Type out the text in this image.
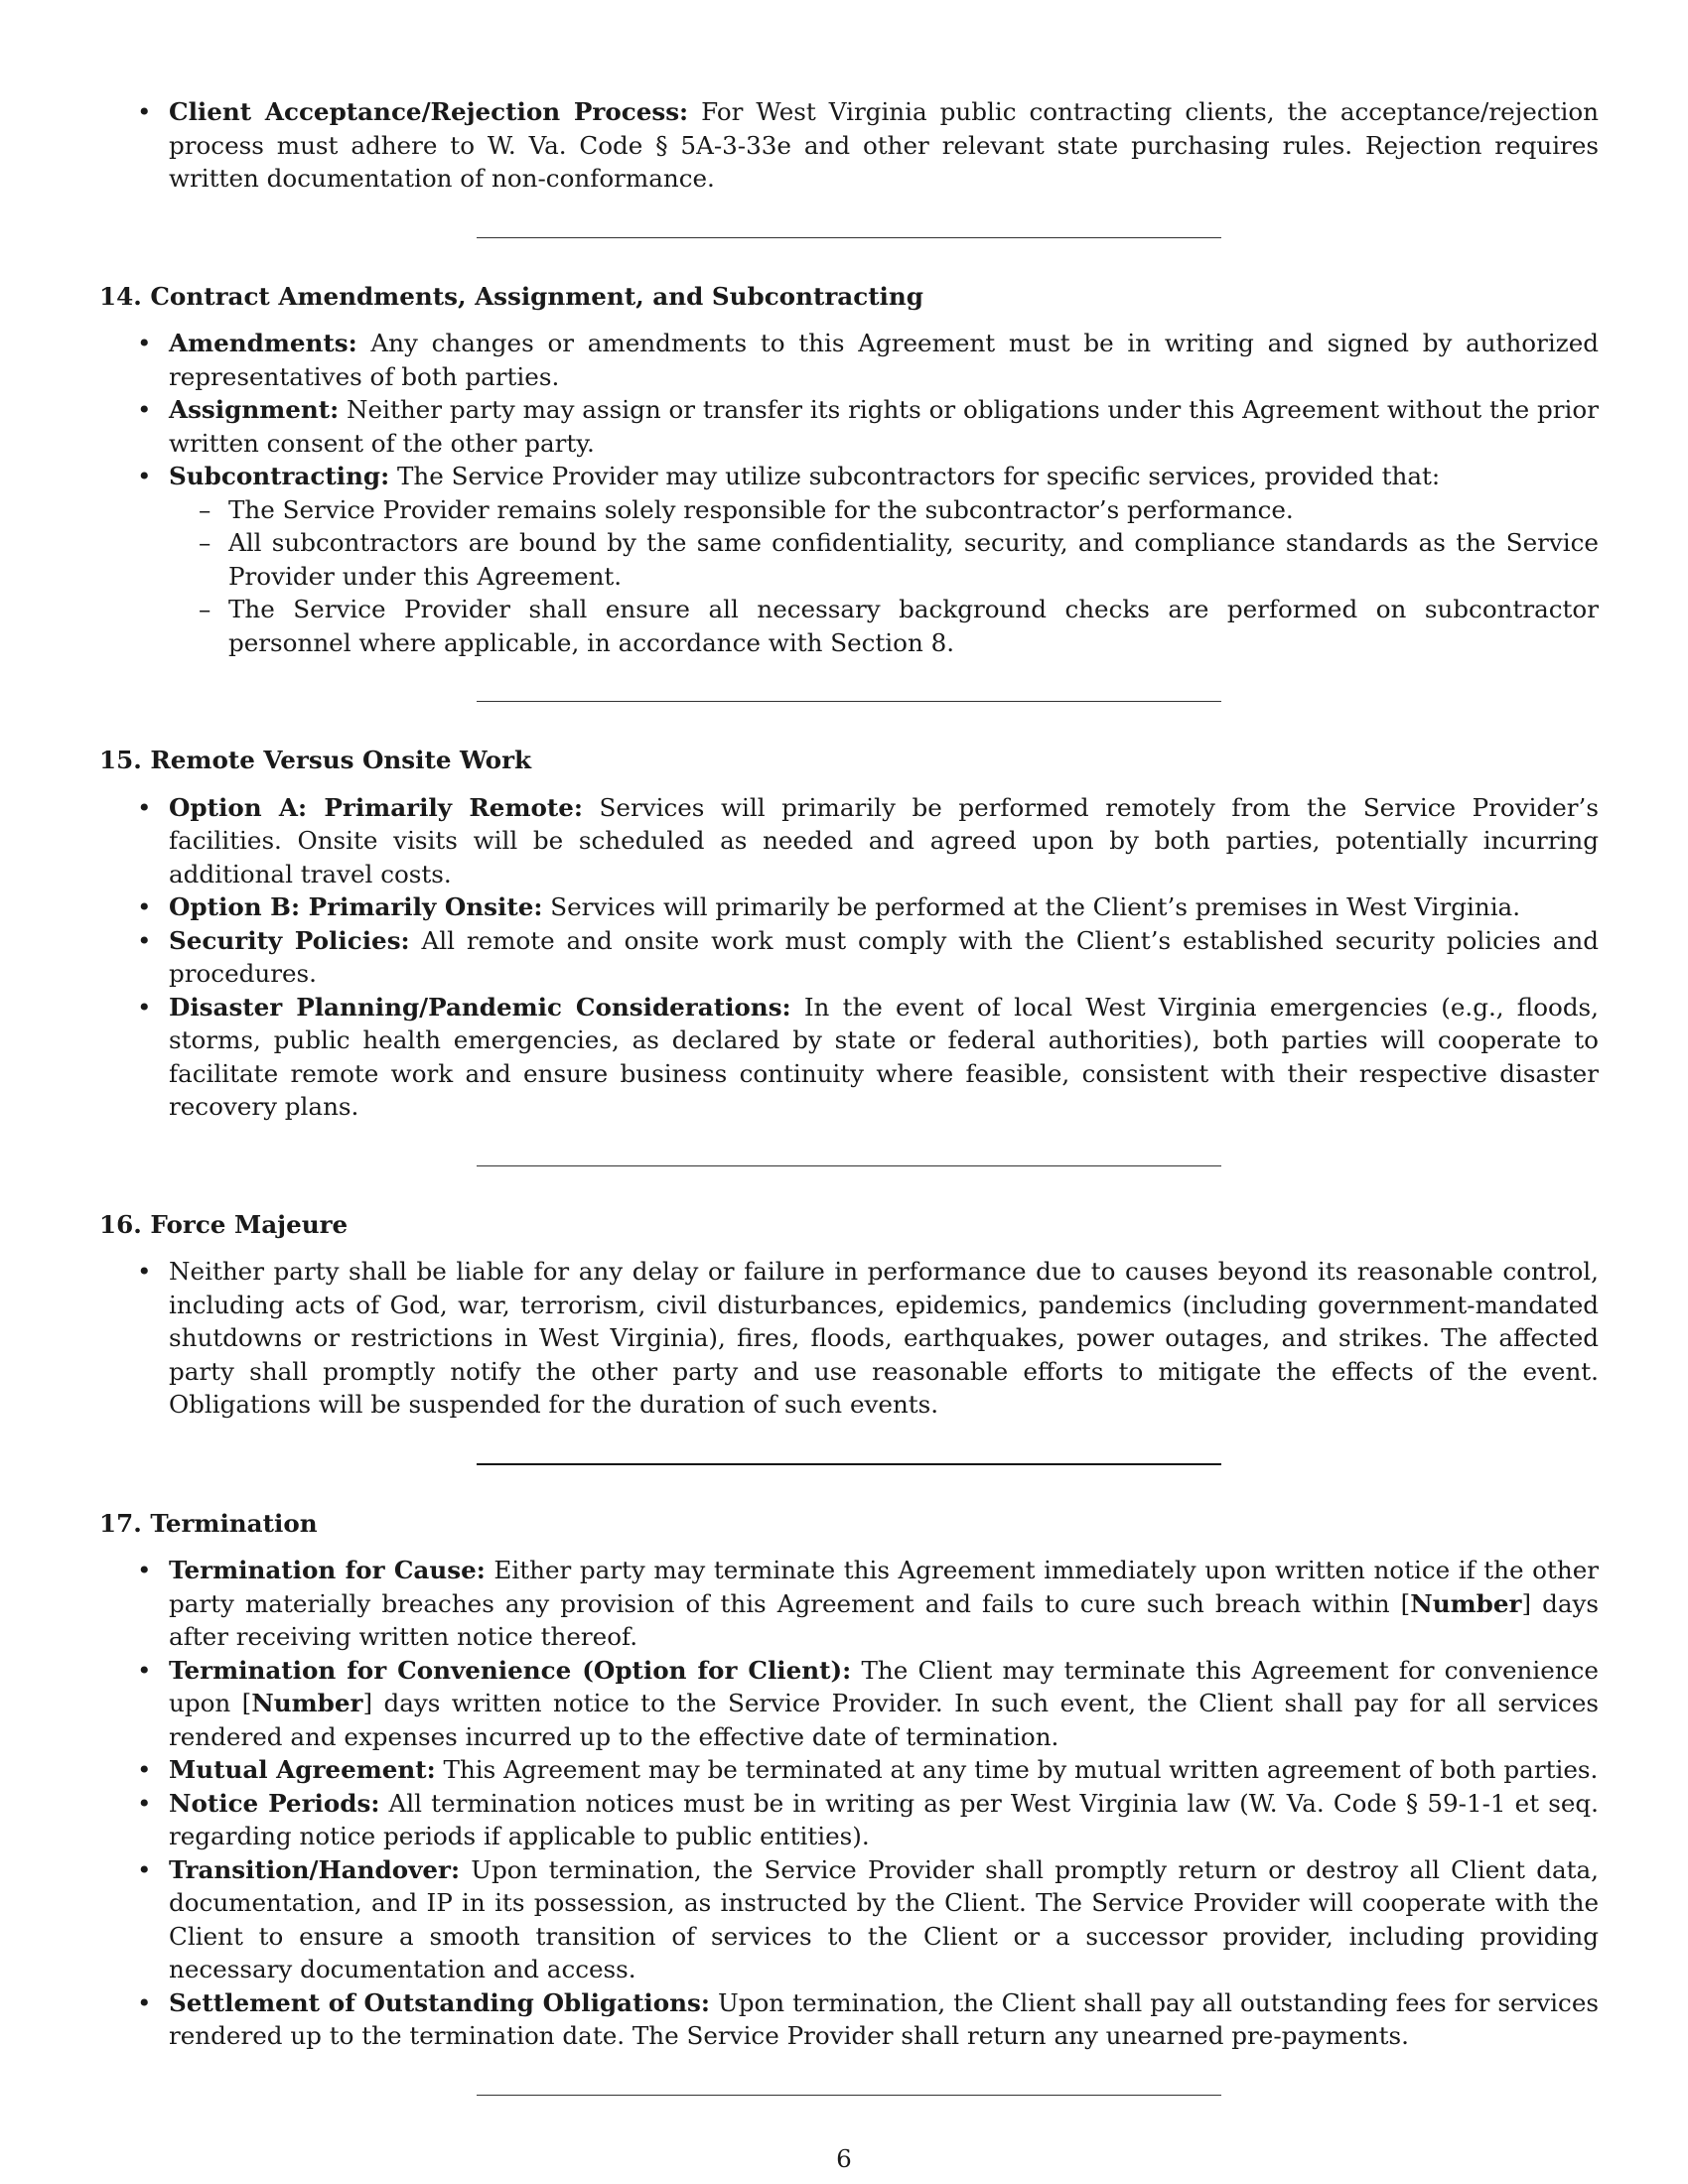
• Client Acceptance/Rejection Process: For West Virginia public contracting clients, the acceptance/rejection process must adhere to W. Va. Code § 5A-3-33e and other relevant state purchasing rules. Rejection requires written documentation of non-conformance.
14. Contract Amendments, Assignment, and Subcontracting
• Amendments: Any changes or amendments to this Agreement must be in writing and signed by authorized representatives of both parties.
• Assignment: Neither party may assign or transfer its rights or obligations under this Agreement without the prior written consent of the other party.
• Subcontracting: The Service Provider may utilize subcontractors for specific services, provided that:
– The Service Provider remains solely responsible for the subcontractor’s performance.
– All subcontractors are bound by the same confidentiality, security, and compliance standards as the Service Provider under this Agreement.
– The Service Provider shall ensure all necessary background checks are performed on subcontractor personnel where applicable, in accordance with Section 8.
15. Remote Versus Onsite Work
• Option A: Primarily Remote: Services will primarily be performed remotely from the Service Provider’s facilities. Onsite visits will be scheduled as needed and agreed upon by both parties, potentially incurring additional travel costs.
• Option B: Primarily Onsite: Services will primarily be performed at the Client’s premises in West Virginia.
• Security Policies: All remote and onsite work must comply with the Client’s established security policies and procedures.
• Disaster Planning/Pandemic Considerations: In the event of local West Virginia emergencies (e.g., floods, storms, public health emergencies, as declared by state or federal authorities), both parties will cooperate to facilitate remote work and ensure business continuity where feasible, consistent with their respective disaster recovery plans.
16. Force Majeure
• Neither party shall be liable for any delay or failure in performance due to causes beyond its reasonable control, including acts of God, war, terrorism, civil disturbances, epidemics, pandemics (including government-mandated shutdowns or restrictions in West Virginia), fires, floods, earthquakes, power outages, and strikes. The affected party shall promptly notify the other party and use reasonable efforts to mitigate the effects of the event. Obligations will be suspended for the duration of such events.
17. Termination
• Termination for Cause: Either party may terminate this Agreement immediately upon written notice if the other party materially breaches any provision of this Agreement and fails to cure such breach within [Number] days after receiving written notice thereof.
• Termination for Convenience (Option for Client): The Client may terminate this Agreement for convenience upon [Number] days written notice to the Service Provider. In such event, the Client shall pay for all services rendered and expenses incurred up to the effective date of termination.
• Mutual Agreement: This Agreement may be terminated at any time by mutual written agreement of both parties.
• Notice Periods: All termination notices must be in writing as per West Virginia law (W. Va. Code § 59-1-1 et seq. regarding notice periods if applicable to public entities).
• Transition/Handover: Upon termination, the Service Provider shall promptly return or destroy all Client data, documentation, and IP in its possession, as instructed by the Client. The Service Provider will cooperate with the Client to ensure a smooth transition of services to the Client or a successor provider, including providing necessary documentation and access.
• Settlement of Outstanding Obligations: Upon termination, the Client shall pay all outstanding fees for services rendered up to the termination date. The Service Provider shall return any unearned pre-payments.
6
